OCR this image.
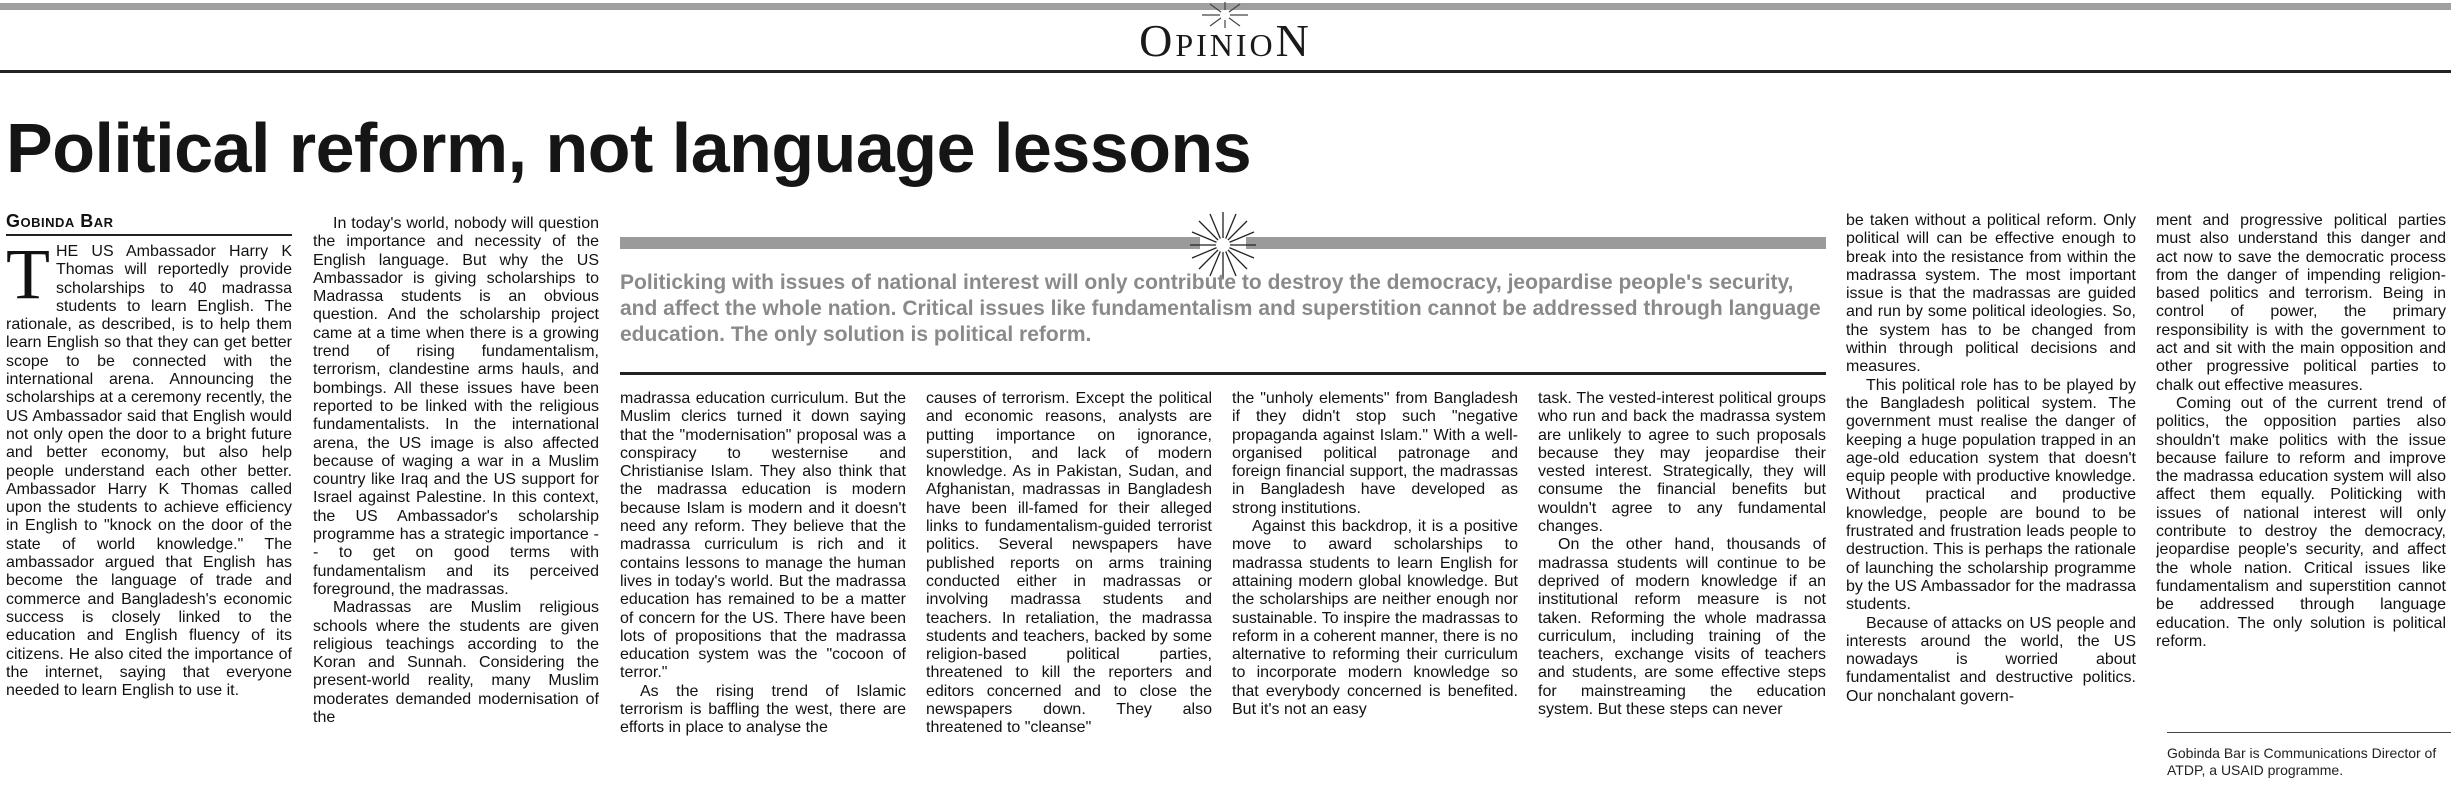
OpinioN
Political reform, not language lessons
Gobinda Bar

THE US Ambassador Harry K Thomas will reportedly provide scholarships to 40 madrassa students to learn English. The rationale, as described, is to help them learn English so that they can get better scope to be connected with the international arena. Announcing the scholarships at a ceremony recently, the US Ambassador said that English would not only open the door to a bright future and better economy, but also help people understand each other better. Ambassador Harry K Thomas called upon the students to achieve efficiency in English to "knock on the door of the state of world knowledge." The ambassador argued that English has become the language of trade and commerce and Bangladesh's economic success is closely linked to the education and English fluency of its citizens. He also cited the importance of the internet, saying that everyone needed to learn English to use it.

In today's world, nobody will question the importance and necessity of the English language. But why the US Ambassador is giving scholarships to Madrassa students is an obvious question. And the scholarship project came at a time when there is a growing trend of rising fundamentalism, terrorism, clandestine arms hauls, and bombings. All these issues have been reported to be linked with the religious fundamentalists. In the international arena, the US image is also affected because of waging a war in a Muslim country like Iraq and the US support for Israel against Palestine. In this context, the US Ambassador's scholarship programme has a strategic importance -- to get on good terms with fundamentalism and its perceived foreground, the madrassas.

Madrassas are Muslim religious schools where the students are given religious teachings according to the Koran and Sunnah. Considering the present-world reality, many Muslim moderates demanded modernisation of the

Politicking with issues of national interest will only contribute to destroy the democracy, jeopardise people's security, and affect the whole nation. Critical issues like fundamentalism and superstition cannot be addressed through language education. The only solution is political reform.

madrassa education curriculum. But the Muslim clerics turned it down saying that the "modernisation" proposal was a conspiracy to westernise and Christianise Islam. They also think that the madrassa education is modern because Islam is modern and it doesn't need any reform. They believe that the madrassa curriculum is rich and it contains lessons to manage the human lives in today's world. But the madrassa education has remained to be a matter of concern for the US. There have been lots of propositions that the madrassa education system was the "cocoon of terror."

As the rising trend of Islamic terrorism is baffling the west, there are efforts in place to analyse the

causes of terrorism. Except the political and economic reasons, analysts are putting importance on ignorance, superstition, and lack of modern knowledge. As in Pakistan, Sudan, and Afghanistan, madrassas in Bangladesh have been ill-famed for their alleged links to fundamentalism-guided terrorist politics. Several newspapers have published reports on arms training conducted either in madrassas or involving madrassa students and teachers. In retaliation, the madrassa students and teachers, backed by some religion-based political parties, threatened to kill the reporters and editors concerned and to close the newspapers down. They also threatened to "cleanse"

the "unholy elements" from Bangladesh if they didn't stop such "negative propaganda against Islam." With a well-organised political patronage and foreign financial support, the madrassas in Bangladesh have developed as strong institutions.

Against this backdrop, it is a positive move to award scholarships to madrassa students to learn English for attaining modern global knowledge. But the scholarships are neither enough nor sustainable. To inspire the madrassas to reform in a coherent manner, there is no alternative to reforming their curriculum to incorporate modern knowledge so that everybody concerned is benefited. But it's not an easy

task. The vested-interest political groups who run and back the madrassa system are unlikely to agree to such proposals because they may jeopardise their vested interest. Strategically, they will consume the financial benefits but wouldn't agree to any fundamental changes.

On the other hand, thousands of madrassa students will continue to be deprived of modern knowledge if an institutional reform measure is not taken. Reforming the whole madrassa curriculum, including training of the teachers, exchange visits of teachers and students, are some effective steps for mainstreaming the education system. But these steps can never

be taken without a political reform. Only political will can be effective enough to break into the resistance from within the madrassa system. The most important issue is that the madrassas are guided and run by some political ideologies. So, the system has to be changed from within through political decisions and measures.

This political role has to be played by the Bangladesh political system. The government must realise the danger of keeping a huge population trapped in an age-old education system that doesn't equip people with productive knowledge. Without practical and productive knowledge, people are bound to be frustrated and frustration leads people to destruction. This is perhaps the rationale of launching the scholarship programme by the US Ambassador for the madrassa students.

Because of attacks on US people and interests around the world, the US nowadays is worried about fundamentalist and destructive politics. Our nonchalant govern-

ment and progressive political parties must also understand this danger and act now to save the democratic process from the danger of impending religion-based politics and terrorism. Being in control of power, the primary responsibility is with the government to act and sit with the main opposition and other progressive political parties to chalk out effective measures.

Coming out of the current trend of politics, the opposition parties also shouldn't make politics with the issue because failure to reform and improve the madrassa education system will also affect them equally. Politicking with issues of national interest will only contribute to destroy the democracy, jeopardise people's security, and affect the whole nation. Critical issues like fundamentalism and superstition cannot be addressed through language education. The only solution is political reform.

Gobinda Bar is Communications Director of ATDP, a USAID programme.
